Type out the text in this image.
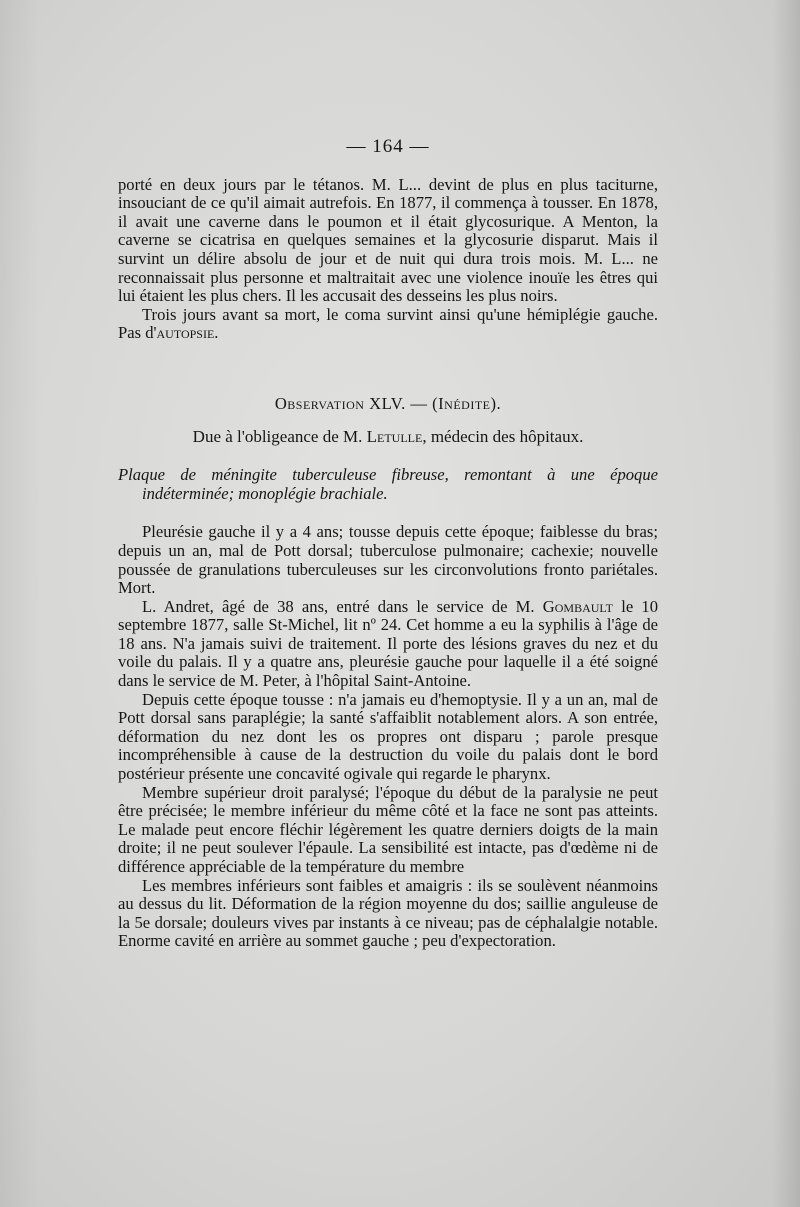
— 164 —

porté en deux jours par le tétanos. M. L... devint de plus en plus taciturne, insouciant de ce qu'il aimait autrefois. En 1877, il commença à tousser. En 1878, il avait une caverne dans le poumon et il était glycosurique. A Menton, la caverne se cicatrisa en quelques semaines et la glycosurie disparut. Mais il survint un délire absolu de jour et de nuit qui dura trois mois. M. L... ne reconnaissait plus personne et maltraitait avec une violence inouïe les êtres qui lui étaient les plus chers. Il les accusait des desseins les plus noirs.

Trois jours avant sa mort, le coma survint ainsi qu'une hémiplégie gauche. Pas d'autopsie.

Observation XLV. — (Inédite).

Due à l'obligeance de M. Letulle, médecin des hôpitaux.

Plaque de méningite tuberculeuse fibreuse, remontant à une époque indéterminée; monoplégie brachiale.

Pleurésie gauche il y a 4 ans; tousse depuis cette époque; faiblesse du bras; depuis un an, mal de Pott dorsal; tuberculose pulmonaire; cachexie; nouvelle poussée de granulations tuberculeuses sur les circonvolutions fronto pariétales. Mort.

L. Andret, âgé de 38 ans, entré dans le service de M. Gombault le 10 septembre 1877, salle St-Michel, lit nº 24. Cet homme a eu la syphilis à l'âge de 18 ans. N'a jamais suivi de traitement. Il porte des lésions graves du nez et du voile du palais. Il y a quatre ans, pleurésie gauche pour laquelle il a été soigné dans le service de M. Peter, à l'hôpital Saint-Antoine.

Depuis cette époque tousse : n'a jamais eu d'hemoptysie. Il y a un an, mal de Pott dorsal sans paraplégie; la santé s'affaiblit notablement alors. A son entrée, déformation du nez dont les os propres ont disparu ; parole presque incompréhensible à cause de la destruction du voile du palais dont le bord postérieur présente une concavité ogivale qui regarde le pharynx.

Membre supérieur droit paralysé; l'époque du début de la paralysie ne peut être précisée; le membre inférieur du même côté et la face ne sont pas atteints. Le malade peut encore fléchir légèrement les quatre derniers doigts de la main droite; il ne peut soulever l'épaule. La sensibilité est intacte, pas d'œdème ni de différence appréciable de la température du membre

Les membres inférieurs sont faibles et amaigris : ils se soulèvent néanmoins au dessus du lit. Déformation de la région moyenne du dos; saillie anguleuse de la 5e dorsale; douleurs vives par instants à ce niveau; pas de céphalalgie notable. Enorme cavité en arrière au sommet gauche ; peu d'expectoration.
